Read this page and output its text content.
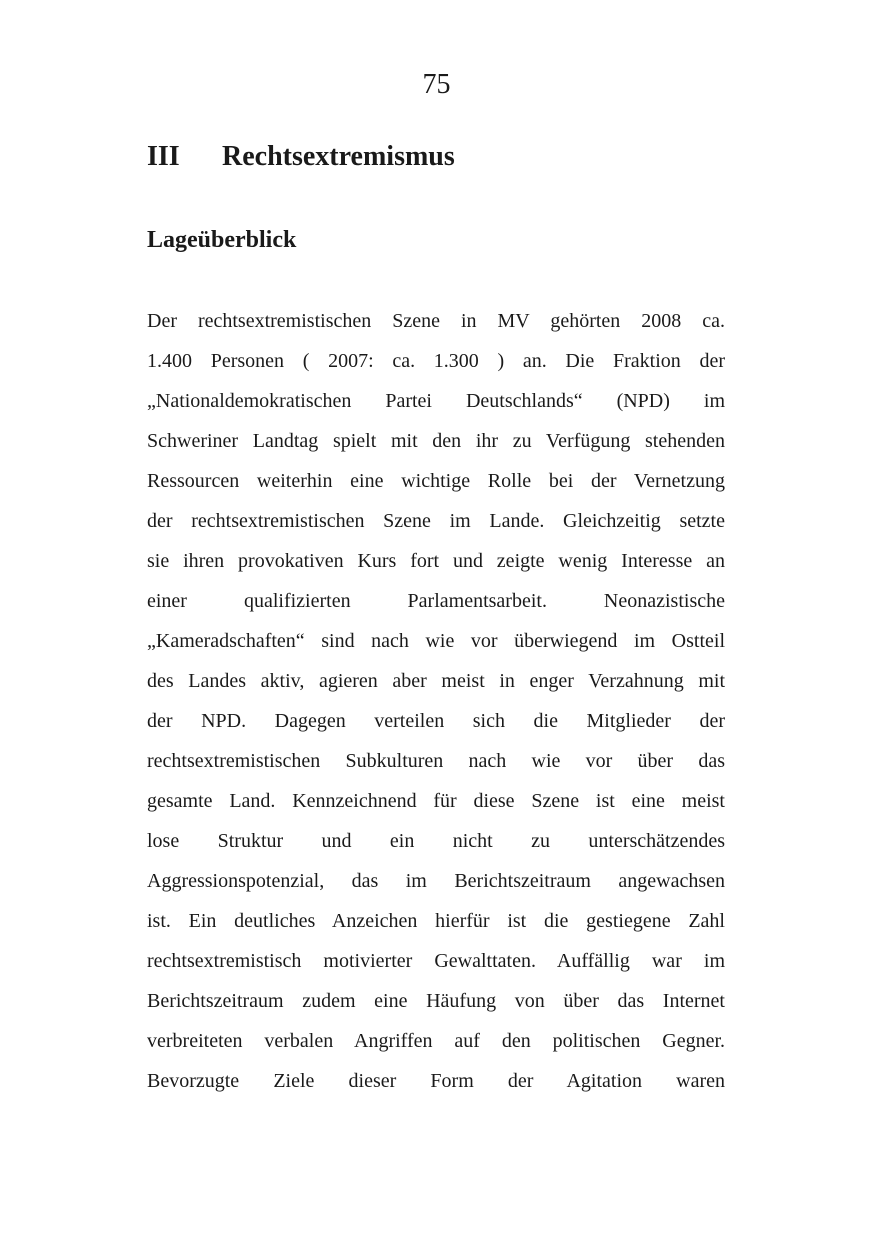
75
III Rechtsextremismus
Lageüberblick
Der rechtsextremistischen Szene in MV gehörten 2008 ca.
1.400 Personen ( 2007: ca. 1.300 ) an. Die Fraktion der
„Nationaldemokratischen Partei Deutschlands“ (NPD) im
Schweriner Landtag spielt mit den ihr zu Verfügung stehenden
Ressourcen weiterhin eine wichtige Rolle bei der Vernetzung
der rechtsextremistischen Szene im Lande. Gleichzeitig setzte
sie ihren provokativen Kurs fort und zeigte wenig Interesse an
einer qualifizierten Parlamentsarbeit. Neonazistische
„Kameradschaften“ sind nach wie vor überwiegend im Ostteil
des Landes aktiv, agieren aber meist in enger Verzahnung mit
der NPD. Dagegen verteilen sich die Mitglieder der
rechtsextremistischen Subkulturen nach wie vor über das
gesamte Land. Kennzeichnend für diese Szene ist eine meist
lose Struktur und ein nicht zu unterschätzendes
Aggressionspotenzial, das im Berichtszeitraum angewachsen
ist. Ein deutliches Anzeichen hierfür ist die gestiegene Zahl
rechtsextremistisch motivierter Gewalttaten. Auffällig war im
Berichtszeitraum zudem eine Häufung von über das Internet
verbreiteten verbalen Angriffen auf den politischen Gegner.
Bevorzugte Ziele dieser Form der Agitation waren
